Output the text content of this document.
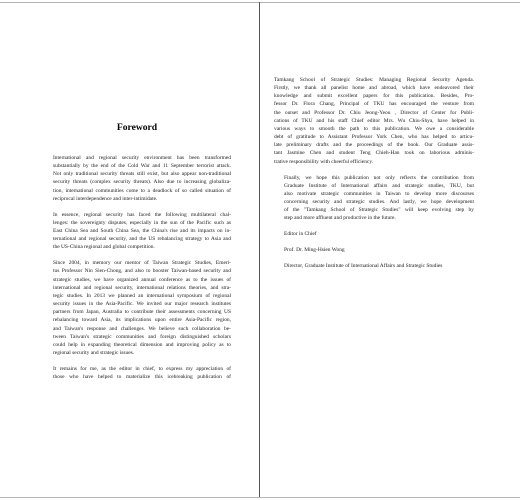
Foreword

International and regional security environment has been transformed
substantially by the end of the Cold War and 11 September terrorist attack.
Not only traditional security threats still exist, but also appear non-traditional
security threats (complex security threats). Also due to increasing globaliza-
tion, international communities come to a deadlock of so called situation of
reciprocal interdependence and inter-intimidate.

In essence, regional security has faced the following multilateral chal-
lenges: the sovereignty disputes, especially in the sun of the Pacific such as
East China Sea and South China Sea, the China's rise and its impacts on in-
ternational and regional security, and the US rebalancing strategy to Asia and
the US-China regional and global competition.

Since 2004, in memory our mentor of Taiwan Strategic Studies, Emeri-
tus Professor Nin Sien-Chong, and also to booster Taiwan-based security and
strategic studies, we have organized annual conference as to the issues of
international and regional security, international relations theories, and stra-
tegic studies. In 2013 we planned an international symposium of regional
security issues in the Asia-Pacific. We invited our major research institutes
partners from Japan, Australia to contribute their assessments concerning US
rebalancing toward Asia, its implications upon entire Asia-Pacific region,
and Taiwan's response and challenges. We believe such collaboration be-
tween Taiwan's strategic communities and foreign distinguished scholars
could help in expanding theoretical dimension and improving policy as to
regional security and strategic issues.

It remains for me, as the editor in chief, to express my appreciation of
those who have helped to materialize this icebreaking publication of

Tamkang School of Strategic Studies: Managing Regional Security Agenda.
Firstly, we thank all panelist home and abroad, which have endeavored their
knowledge and submit excellent papers for this publication. Besides, Pro-
fessor Dr. Flora Chang, Principal of TKU has encouraged the venture from
the outset and Professor Dr. Chiu Jeong-Yeou , Director of Center for Publi-
cations of TKU and his staff Chief editor Mrs. Wu Chiu-Shya, have helped in
various ways to smooth the path to this publication. We owe a considerable
debt of gratitude to Assistant Professor York Chen, who has helped to articu-
late preliminary drafts and the proceedings of the book. Our Graduate assis-
tant Jasmine Chen and student Teng Chieh-Han took on laborious adminis-
trative responsibility with cheerful efficiency.

Finally, we hope this publication not only reflects the contribution from
Graduate Institute of International affairs and strategic studies, TKU, but
also motivate strategic communities in Taiwan to develop more discourses
concerning security and strategic studies. And lastly, we hope development
of the "Tamkang School of Strategic Studies" will keep evolving step by
step and more affluent and productive in the future.

Editor in Chief

Prof. Dr. Ming-Hsien Wong

Director, Graduate Institute of International Affairs and Strategic Studies
